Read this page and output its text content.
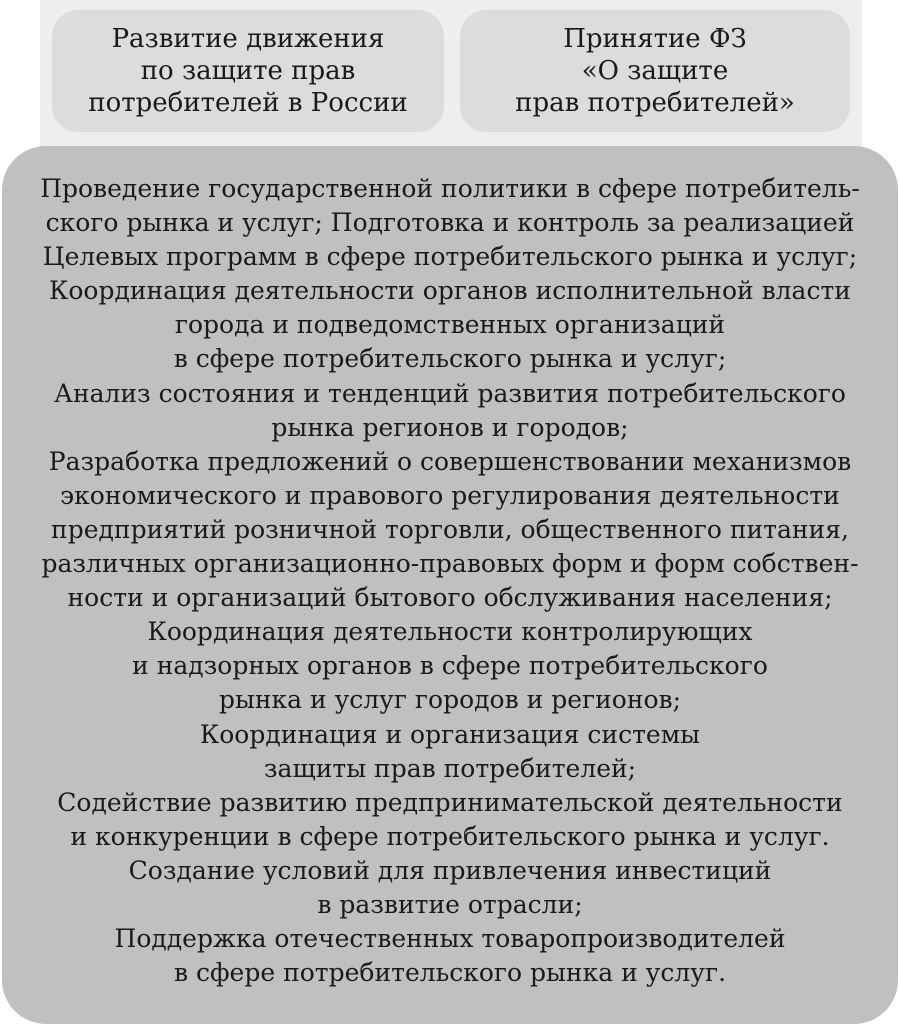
Развитие движения
по защите прав
потребителей в России
Принятие ФЗ
«О защите
прав потребителей»
Проведение государственной политики в сфере потребитель-
ского рынка и услуг; Подготовка и контроль за реализацией
Целевых программ в сфере потребительского рынка и услуг;
Координация деятельности органов исполнительной власти
города и подведомственных организаций
в сфере потребительского рынка и услуг;
Анализ состояния и тенденций развития потребительского
рынка регионов и городов;
Разработка предложений о совершенствовании механизмов
экономического и правового регулирования деятельности
предприятий розничной торговли, общественного питания,
различных организационно-правовых форм и форм собствен-
ности и организаций бытового обслуживания населения;
Координация деятельности контролирующих
и надзорных органов в сфере потребительского
рынка и услуг городов и регионов;
Координация и организация системы
защиты прав потребителей;
Содействие развитию предпринимательской деятельности
и конкуренции в сфере потребительского рынка и услуг.
Создание условий для привлечения инвестиций
в развитие отрасли;
Поддержка отечественных товаропроизводителей
в сфере потребительского рынка и услуг.
